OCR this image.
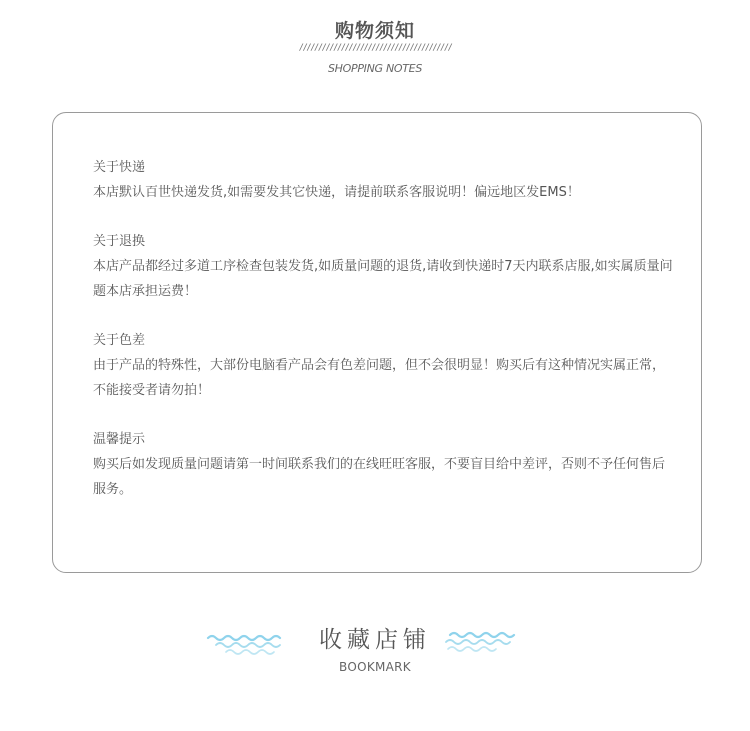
购物须知
////////////////////////////////////////
SHOPPING NOTES
关于快递
本店默认百世快递发货,如需要发其它快递，请提前联系客服说明！偏远地区发EMS！
关于退换
本店产品都经过多道工序检查包装发货,如质量问题的退货,请收到快递时7天内联系店服,如实属质量问题本店承担运费！
关于色差
由于产品的特殊性，大部份电脑看产品会有色差问题，但不会很明显！购买后有这种情况实属正常，不能接受者请勿拍！
温馨提示
购买后如发现质量问题请第一时间联系我们的在线旺旺客服，不要盲目给中差评，否则不予任何售后服务。
收藏店铺
BOOKMARK
